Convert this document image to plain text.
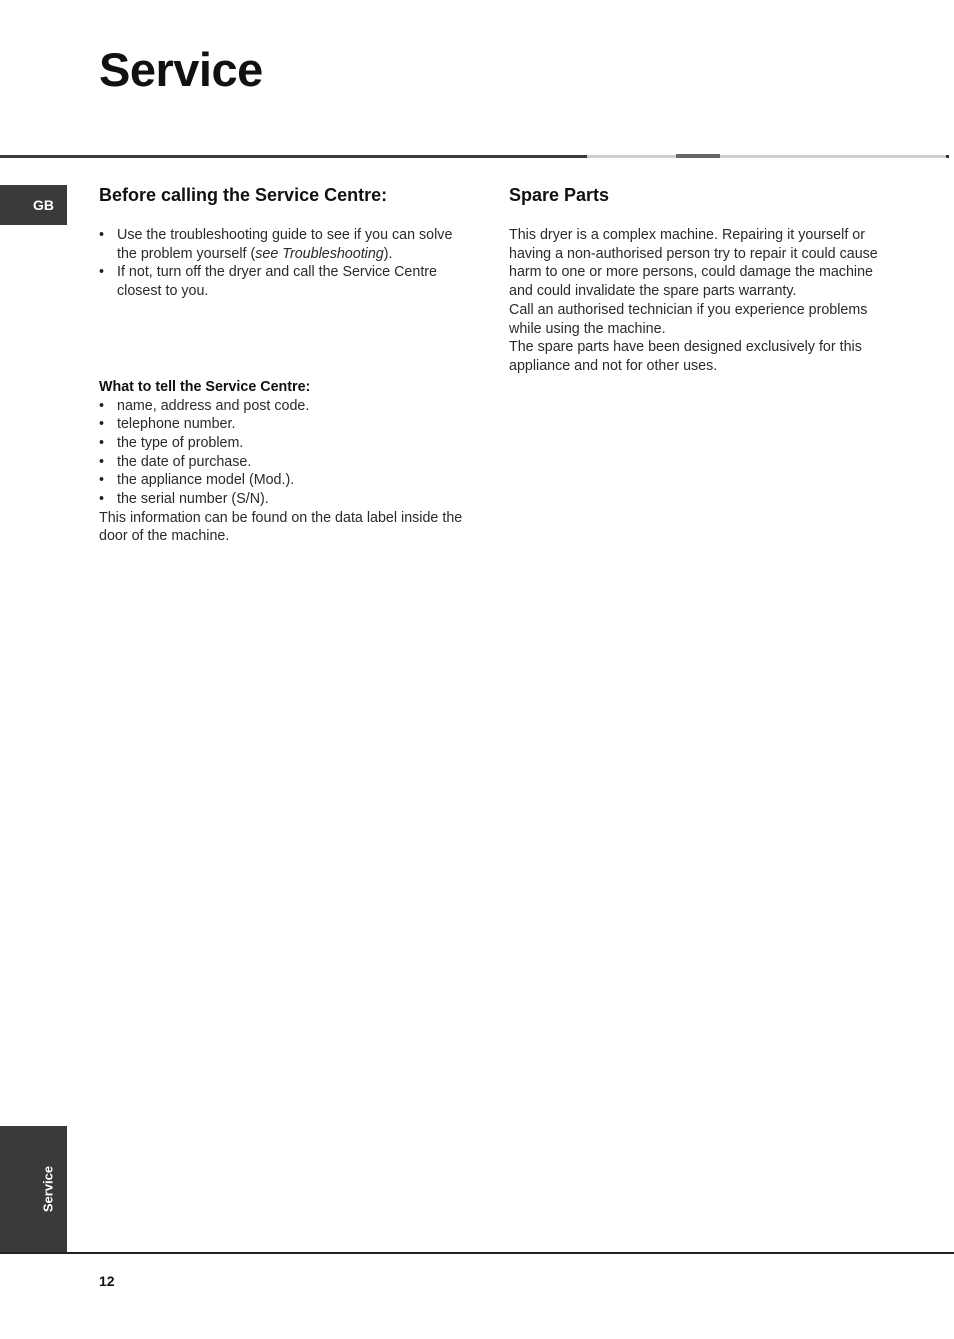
Service
GB	Before calling the Service Centre:
• Use the troubleshooting guide to see if you can solve the problem yourself (see Troubleshooting).
• If not, turn off the dryer and call the Service Centre closest to you.

What to tell the Service Centre:

• name, address and post code.
• telephone number.
• the type of problem.
• the date of purchase.
• the appliance model (Mod.).
• the serial number (S/N).

This information can be found on the data label inside the door of the machine.

Spare Parts

This dryer is a complex machine. Repairing it yourself or having a non-authorised person try to repair it could cause harm to one or more persons, could damage the machine and could invalidate the spare parts warranty.

Call an authorised technician if you experience problems while using the machine.

The spare parts have been designed exclusively for this appliance and not for other uses.

Service
12
